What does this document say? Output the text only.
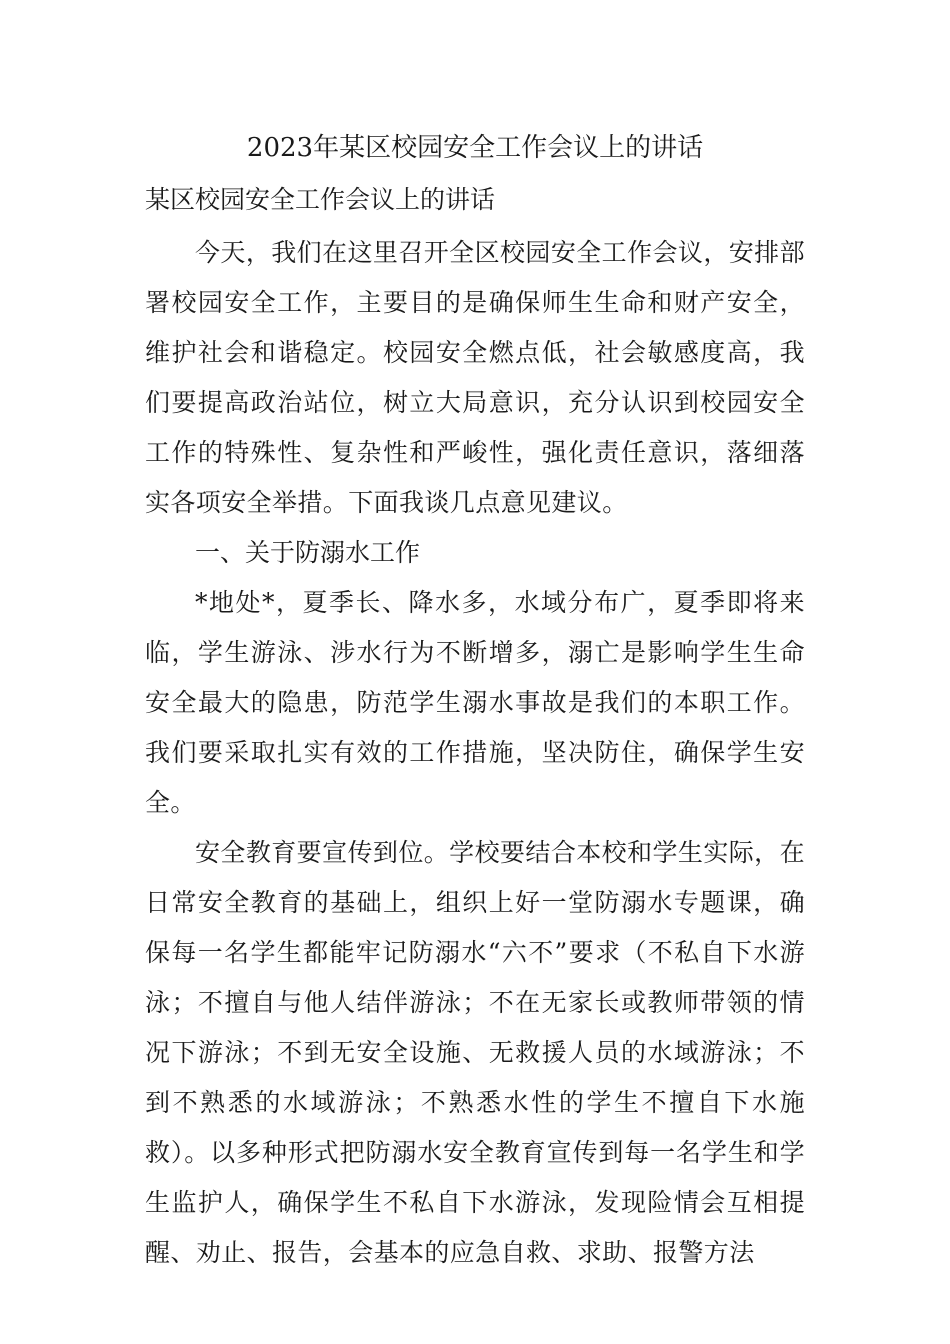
2023年某区校园安全工作会议上的讲话

某区校园安全工作会议上的讲话

今天，我们在这里召开全区校园安全工作会议，安排部署校园安全工作，主要目的是确保师生生命和财产安全，维护社会和谐稳定。校园安全燃点低，社会敏感度高，我们要提高政治站位，树立大局意识，充分认识到校园安全工作的特殊性、复杂性和严峻性，强化责任意识，落细落实各项安全举措。下面我谈几点意见建议。

一、关于防溺水工作

*地处*，夏季长、降水多，水域分布广，夏季即将来临，学生游泳、涉水行为不断增多，溺亡是影响学生生命安全最大的隐患，防范学生溺水事故是我们的本职工作。我们要采取扎实有效的工作措施，坚决防住，确保学生安全。

安全教育要宣传到位。学校要结合本校和学生实际，在日常安全教育的基础上，组织上好一堂防溺水专题课，确保每一名学生都能牢记防溺水“六不”要求（不私自下水游泳；不擅自与他人结伴游泳；不在无家长或教师带领的情况下游泳；不到无安全设施、无救援人员的水域游泳；不到不熟悉的水域游泳；不熟悉水性的学生不擅自下水施救）。以多种形式把防溺水安全教育宣传到每一名学生和学生监护人，确保学生不私自下水游泳，发现险情会互相提醒、劝止、报告，会基本的应急自救、求助、报警方法
